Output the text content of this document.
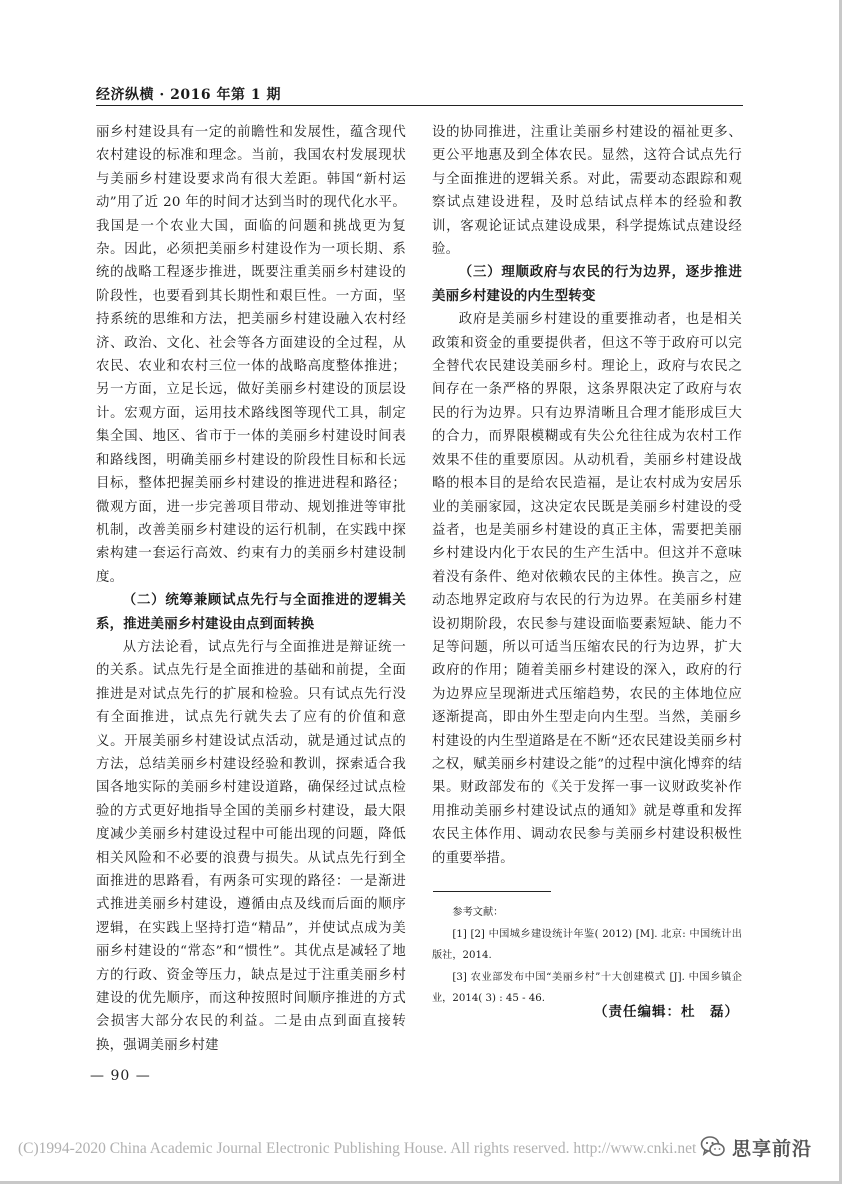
经济纵横 · 2016 年第 1 期

丽乡村建设具有一定的前瞻性和发展性，蕴含现代农村建设的标准和理念。当前，我国农村发展现状与美丽乡村建设要求尚有很大差距。韩国“新村运动”用了近 20 年的时间才达到当时的现代化水平。我国是一个农业大国，面临的问题和挑战更为复杂。因此，必须把美丽乡村建设作为一项长期、系统的战略工程逐步推进，既要注重美丽乡村建设的阶段性，也要看到其长期性和艰巨性。一方面，坚持系统的思维和方法，把美丽乡村建设融入农村经济、政治、文化、社会等各方面建设的全过程，从农民、农业和农村三位一体的战略高度整体推进；另一方面，立足长远，做好美丽乡村建设的顶层设计。宏观方面，运用技术路线图等现代工具，制定集全国、地区、省市于一体的美丽乡村建设时间表和路线图，明确美丽乡村建设的阶段性目标和长远目标，整体把握美丽乡村建设的推进进程和路径；微观方面，进一步完善项目带动、规划推进等审批机制，改善美丽乡村建设的运行机制，在实践中探索构建一套运行高效、约束有力的美丽乡村建设制度。

（二）统筹兼顾试点先行与全面推进的逻辑关系，推进美丽乡村建设由点到面转换

从方法论看，试点先行与全面推进是辩证统一的关系。试点先行是全面推进的基础和前提，全面推进是对试点先行的扩展和检验。只有试点先行没有全面推进，试点先行就失去了应有的价值和意义。开展美丽乡村建设试点活动，就是通过试点的方法，总结美丽乡村建设经验和教训，探索适合我国各地实际的美丽乡村建设道路，确保经过试点检验的方式更好地指导全国的美丽乡村建设，最大限度减少美丽乡村建设过程中可能出现的问题，降低相关风险和不必要的浪费与损失。从试点先行到全面推进的思路看，有两条可实现的路径：一是渐进式推进美丽乡村建设，遵循由点及线而后面的顺序逻辑，在实践上坚持打造“精品”，并使试点成为美丽乡村建设的“常态”和“惯性”。其优点是减轻了地方的行政、资金等压力，缺点是过于注重美丽乡村建设的优先顺序，而这种按照时间顺序推进的方式会损害大部分农民的利益。二是由点到面直接转换，强调美丽乡村建

设的协同推进，注重让美丽乡村建设的福祉更多、更公平地惠及到全体农民。显然，这符合试点先行与全面推进的逻辑关系。对此，需要动态跟踪和观察试点建设进程，及时总结试点样本的经验和教训，客观论证试点建设成果，科学提炼试点建设经验。

（三）理顺政府与农民的行为边界，逐步推进美丽乡村建设的内生型转变

政府是美丽乡村建设的重要推动者，也是相关政策和资金的重要提供者，但这不等于政府可以完全替代农民建设美丽乡村。理论上，政府与农民之间存在一条严格的界限，这条界限决定了政府与农民的行为边界。只有边界清晰且合理才能形成巨大的合力，而界限模糊或有失公允往往成为农村工作效果不佳的重要原因。从动机看，美丽乡村建设战略的根本目的是给农民造福，是让农村成为安居乐业的美丽家园，这决定农民既是美丽乡村建设的受益者，也是美丽乡村建设的真正主体，需要把美丽乡村建设内化于农民的生产生活中。但这并不意味着没有条件、绝对依赖农民的主体性。换言之，应动态地界定政府与农民的行为边界。在美丽乡村建设初期阶段，农民参与建设面临要素短缺、能力不足等问题，所以可适当压缩农民的行为边界，扩大政府的作用；随着美丽乡村建设的深入，政府的行为边界应呈现渐进式压缩趋势，农民的主体地位应逐渐提高，即由外生型走向内生型。当然，美丽乡村建设的内生型道路是在不断“还农民建设美丽乡村之权，赋美丽乡村建设之能”的过程中演化博弈的结果。财政部发布的《关于发挥一事一议财政奖补作用推动美丽乡村建设试点的通知》就是尊重和发挥农民主体作用、调动农民参与美丽乡村建设积极性的重要举措。

参考文献：

[1] [2] 中国城乡建设统计年鉴( 2012) [M]. 北京: 中国统计出版社，2014.

[3] 农业部发布中国“美丽乡村”十大创建模式 [J]. 中国乡镇企业，2014( 3) : 45 - 46.

（责任编辑：杜　磊）
— 90 —
(C)1994-2020 China Academic Journal Electronic Publishing House. All rights reserved. http://www.cnki.net 思享前沿
